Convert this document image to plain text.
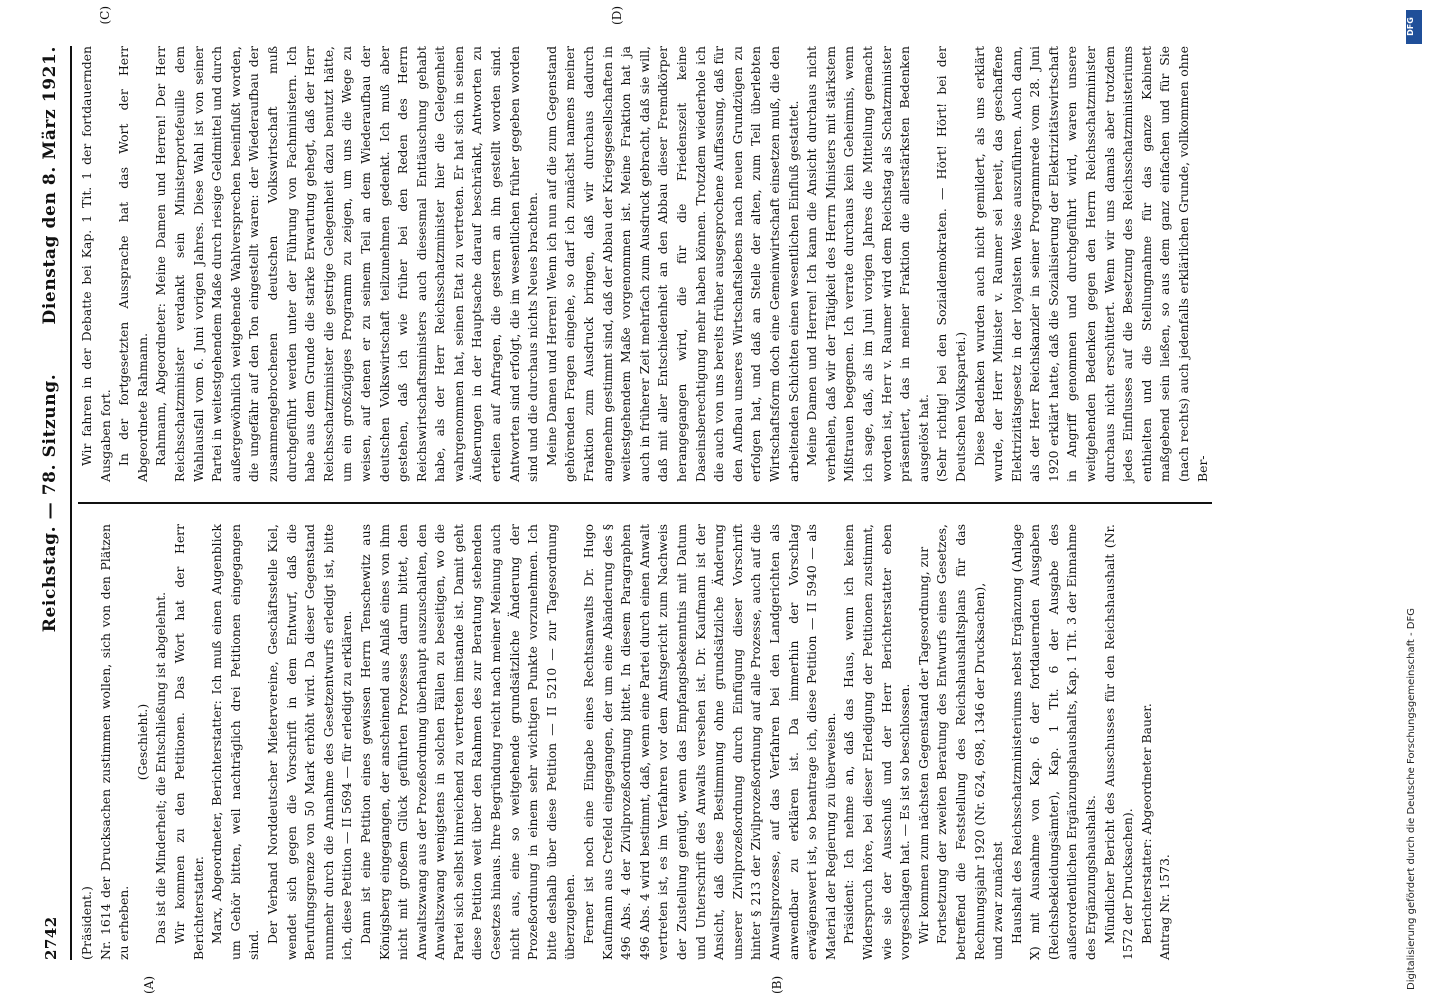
2742
Reichstag. — 78. Sitzung.
Dienstag den 8. März 1921.
(A)	(B)

(Präsident.) Nr. 1614 der Drucksachen zustimmen wollen, sich von den Plätzen zu erheben.

(Geschieht.) Das ist die Minderheit; die Entschließung ist abgelehnt. Wir kommen zu den Petitionen. Das Wort hat der Herr Berichterstatter. Marx, Abgeordneter, Berichterstatter: Ich muß einen Augenblick um Gehör bitten, weil nachträglich drei Petitionen eingegangen sind.

Der Verband Norddeutscher Mietervereine, Geschäftsstelle Kiel, wendet sich gegen die Vorschrift in dem Entwurf, daß die Berufungsgrenze von 50 Mark erhöht wird. Da dieser Gegenstand nunmehr durch die Annahme des Gesetzentwurfs erledigt ist, bitte ich, diese Petition — II 5694 — für erledigt zu erklären. Dann ist eine Petition eines gewissen Herrn Tenschewitz aus Königsberg eingegangen, der anscheinend aus Anlaß eines von ihm nicht mit großem Glück geführten Prozesses darum bittet, den Anwaltszwang aus der Prozeßordnung überhaupt auszuschalten, den Anwaltszwang wenigstens in solchen Fällen zu beseitigen, wo die Partei sich selbst hinreichend zu vertreten imstande ist. Damit geht diese Petition weit über den Rahmen des zur Beratung stehenden Gesetzes hinaus. Ihre Begründung reicht nach meiner Meinung auch nicht aus, eine so weitgehende grundsätzliche Änderung der Prozeßordnung in einem sehr wichtigen Punkte vorzunehmen. Ich bitte deshalb über diese Petition — II 5210 — zur Tagesordnung überzugehen. Ferner ist noch eine Eingabe eines Rechtsanwalts Dr. Hugo Kaufmann aus Crefeld eingegangen, der um eine Abänderung des § 496 Abs. 4 der Zivilprozeßordnung bittet. In diesem Paragraphen 496 Abs. 4 wird bestimmt, daß, wenn eine Partei durch einen Anwalt vertreten ist, es im Verfahren vor dem Amtsgericht zum Nachweis der Zustellung genügt, wenn das Empfangsbekenntnis mit Datum und Unterschrift des Anwalts versehen ist. Dr. Kaufmann ist der Ansicht, daß diese Bestimmung ohne grundsätzliche Änderung unserer Zivilprozeßordnung durch Einfügung dieser Vorschrift hinter § 213 der Zivilprozeßordnung auf alle Prozesse, auch auf die Anwaltsprozesse, auf das Verfahren bei den Landgerichten als anwendbar zu erklären ist. Da immerhin der Vorschlag erwägenswert ist, so beantrage ich, diese Petition — II 5940 — als Material der Regierung zu überweisen. Präsident: Ich nehme an, daß das Haus, wenn ich keinen Widerspruch höre, bei dieser Erledigung der Petitionen zustimmt, wie sie der Ausschuß und der Herr Berichterstatter eben vorgeschlagen hat. — Es ist so beschlossen. Wir kommen zum nächsten Gegenstand der Tagesordnung, zur Fortsetzung der zweiten Beratung des Entwurfs eines Gesetzes, betreffend die Feststellung des Reichshaushaltsplans für das Rechnungsjahr 1920 (Nr. 624, 698, 1346 der Drucksachen), und zwar zunächst Haushalt des Reichsschatzministeriums nebst Ergänzung (Anlage X) mit Ausnahme von Kap. 6 der fortdauernden Ausgaben (Reichsbekleidungsämter), Kap. 1 Tit. 6 der Ausgabe des außerordentlichen Ergänzungshaushalts, Kap. 1 Tit. 3 der Einnahme des Ergänzungshaushalts. Mündlicher Bericht des Ausschusses für den Reichshaushalt (Nr. 1572 der Drucksachen). Berichterstatter: Abgeordneter Bauer. Antrag Nr. 1573.

(C)	(D)

Wir fahren in der Debatte bei Kap. 1 Tit. 1 der fortdauernden Ausgaben fort. In der fortgesetzten Aussprache hat das Wort der Herr Abgeordnete Rahmann. Rahmann, Abgeordneter: Meine Damen und Herren! Der Herr Reichsschatzminister verdankt sein Ministerportefeuille dem Wahlausfall vom 6. Juni vorigen Jahres. Diese Wahl ist von seiner Partei in weitestgehendem Maße durch riesige Geldmittel und durch außergewöhnlich weitgehende Wahlversprechen beeinflußt worden, die ungefähr auf den Ton eingestellt waren: der Wiederaufbau der zusammengebrochenen deutschen Volkswirtschaft muß durchgeführt werden unter der Führung von Fachministern. Ich habe aus dem Grunde die starke Erwartung gehegt, daß der Herr Reichsschatzminister die gestrige Gelegenheit dazu benutzt hätte, um ein großzügiges Programm zu zeigen, um uns die Wege zu weisen, auf denen er zu seinem Teil an dem Wiederaufbau der deutschen Volkswirtschaft teilzunehmen gedenkt. Ich muß aber gestehen, daß ich wie früher bei den Reden des Herrn Reichswirtschaftsministers auch diesesmal Enttäuschung gehabt habe, als der Herr Reichsschatzminister hier die Gelegenheit wahrgenommen hat, seinen Etat zu vertreten. Er hat sich in seinen Äußerungen in der Hauptsache darauf beschränkt, Antworten zu erteilen auf Anfragen, die gestern an ihn gestellt worden sind. Antworten sind erfolgt, die im wesentlichen früher gegeben worden sind und die durchaus nichts Neues brachten. Meine Damen und Herren! Wenn ich nun auf die zum Gegenstand gehörenden Fragen eingehe, so darf ich zunächst namens meiner Fraktion zum Ausdruck bringen, daß wir durchaus dadurch angenehm gestimmt sind, daß der Abbau der Kriegsgesellschaften in weitestgehendem Maße vorgenommen ist. Meine Fraktion hat ja auch in früherer Zeit mehrfach zum Ausdruck gebracht, daß sie will, daß mit aller Entschiedenheit an den Abbau dieser Fremdkörper herangegangen wird, die für die Friedenszeit keine Daseinsberechtigung mehr haben können. Trotzdem wiederhole ich die auch von uns bereits früher ausgesprochene Auffassung, daß für den Aufbau unseres Wirtschaftslebens nach neuen Grundzügen zu erfolgen hat, und daß an Stelle der alten, zum Teil überlebten Wirtschaftsform doch eine Gemeinwirtschaft einsetzen muß, die den arbeitenden Schichten einen wesentlichen Einfluß gestattet. Meine Damen und Herren! Ich kann die Ansicht durchaus nicht verhehlen, daß wir der Tätigkeit des Herrn Ministers mit stärkstem Mißtrauen begegnen. Ich verrate durchaus kein Geheimnis, wenn ich sage, daß, als im Juni vorigen Jahres die Mitteilung gemacht worden ist, Herr v. Raumer wird dem Reichstag als Schatzminister präsentiert, das in meiner Fraktion die allerstärksten Bedenken ausgelöst hat. (Sehr richtig! bei den Sozialdemokraten. — Hört! Hört! bei der Deutschen Volkspartei.) Diese Bedenken wurden auch nicht gemildert, als uns erklärt wurde, der Herr Minister v. Raumer sei bereit, das geschaffene Elektrizitätsgesetz in der loyalsten Weise auszuführen. Auch dann, als der Herr Reichskanzler in seiner Programmrede vom 28. Juni 1920 erklärt hatte, daß die Sozialisierung der Elektrizitätswirtschaft in Angriff genommen und durchgeführt wird, waren unsere weitgehenden Bedenken gegen den Herrn Reichsschatzminister durchaus nicht erschüttert. Wenn wir uns damals aber trotzdem jedes Einflusses auf die Besetzung des Reichsschatzministeriums enthielten und die Stellungnahme für das ganze Kabinett maßgebend sein ließen, so aus dem ganz einfachen und für Sie (nach rechts) auch jedenfalls erklärlichen Grunde, vollkommen ohne Ber-

DFG
Digitalisierung gefördert durch die Deutsche Forschungsgemeinschaft - DFG
